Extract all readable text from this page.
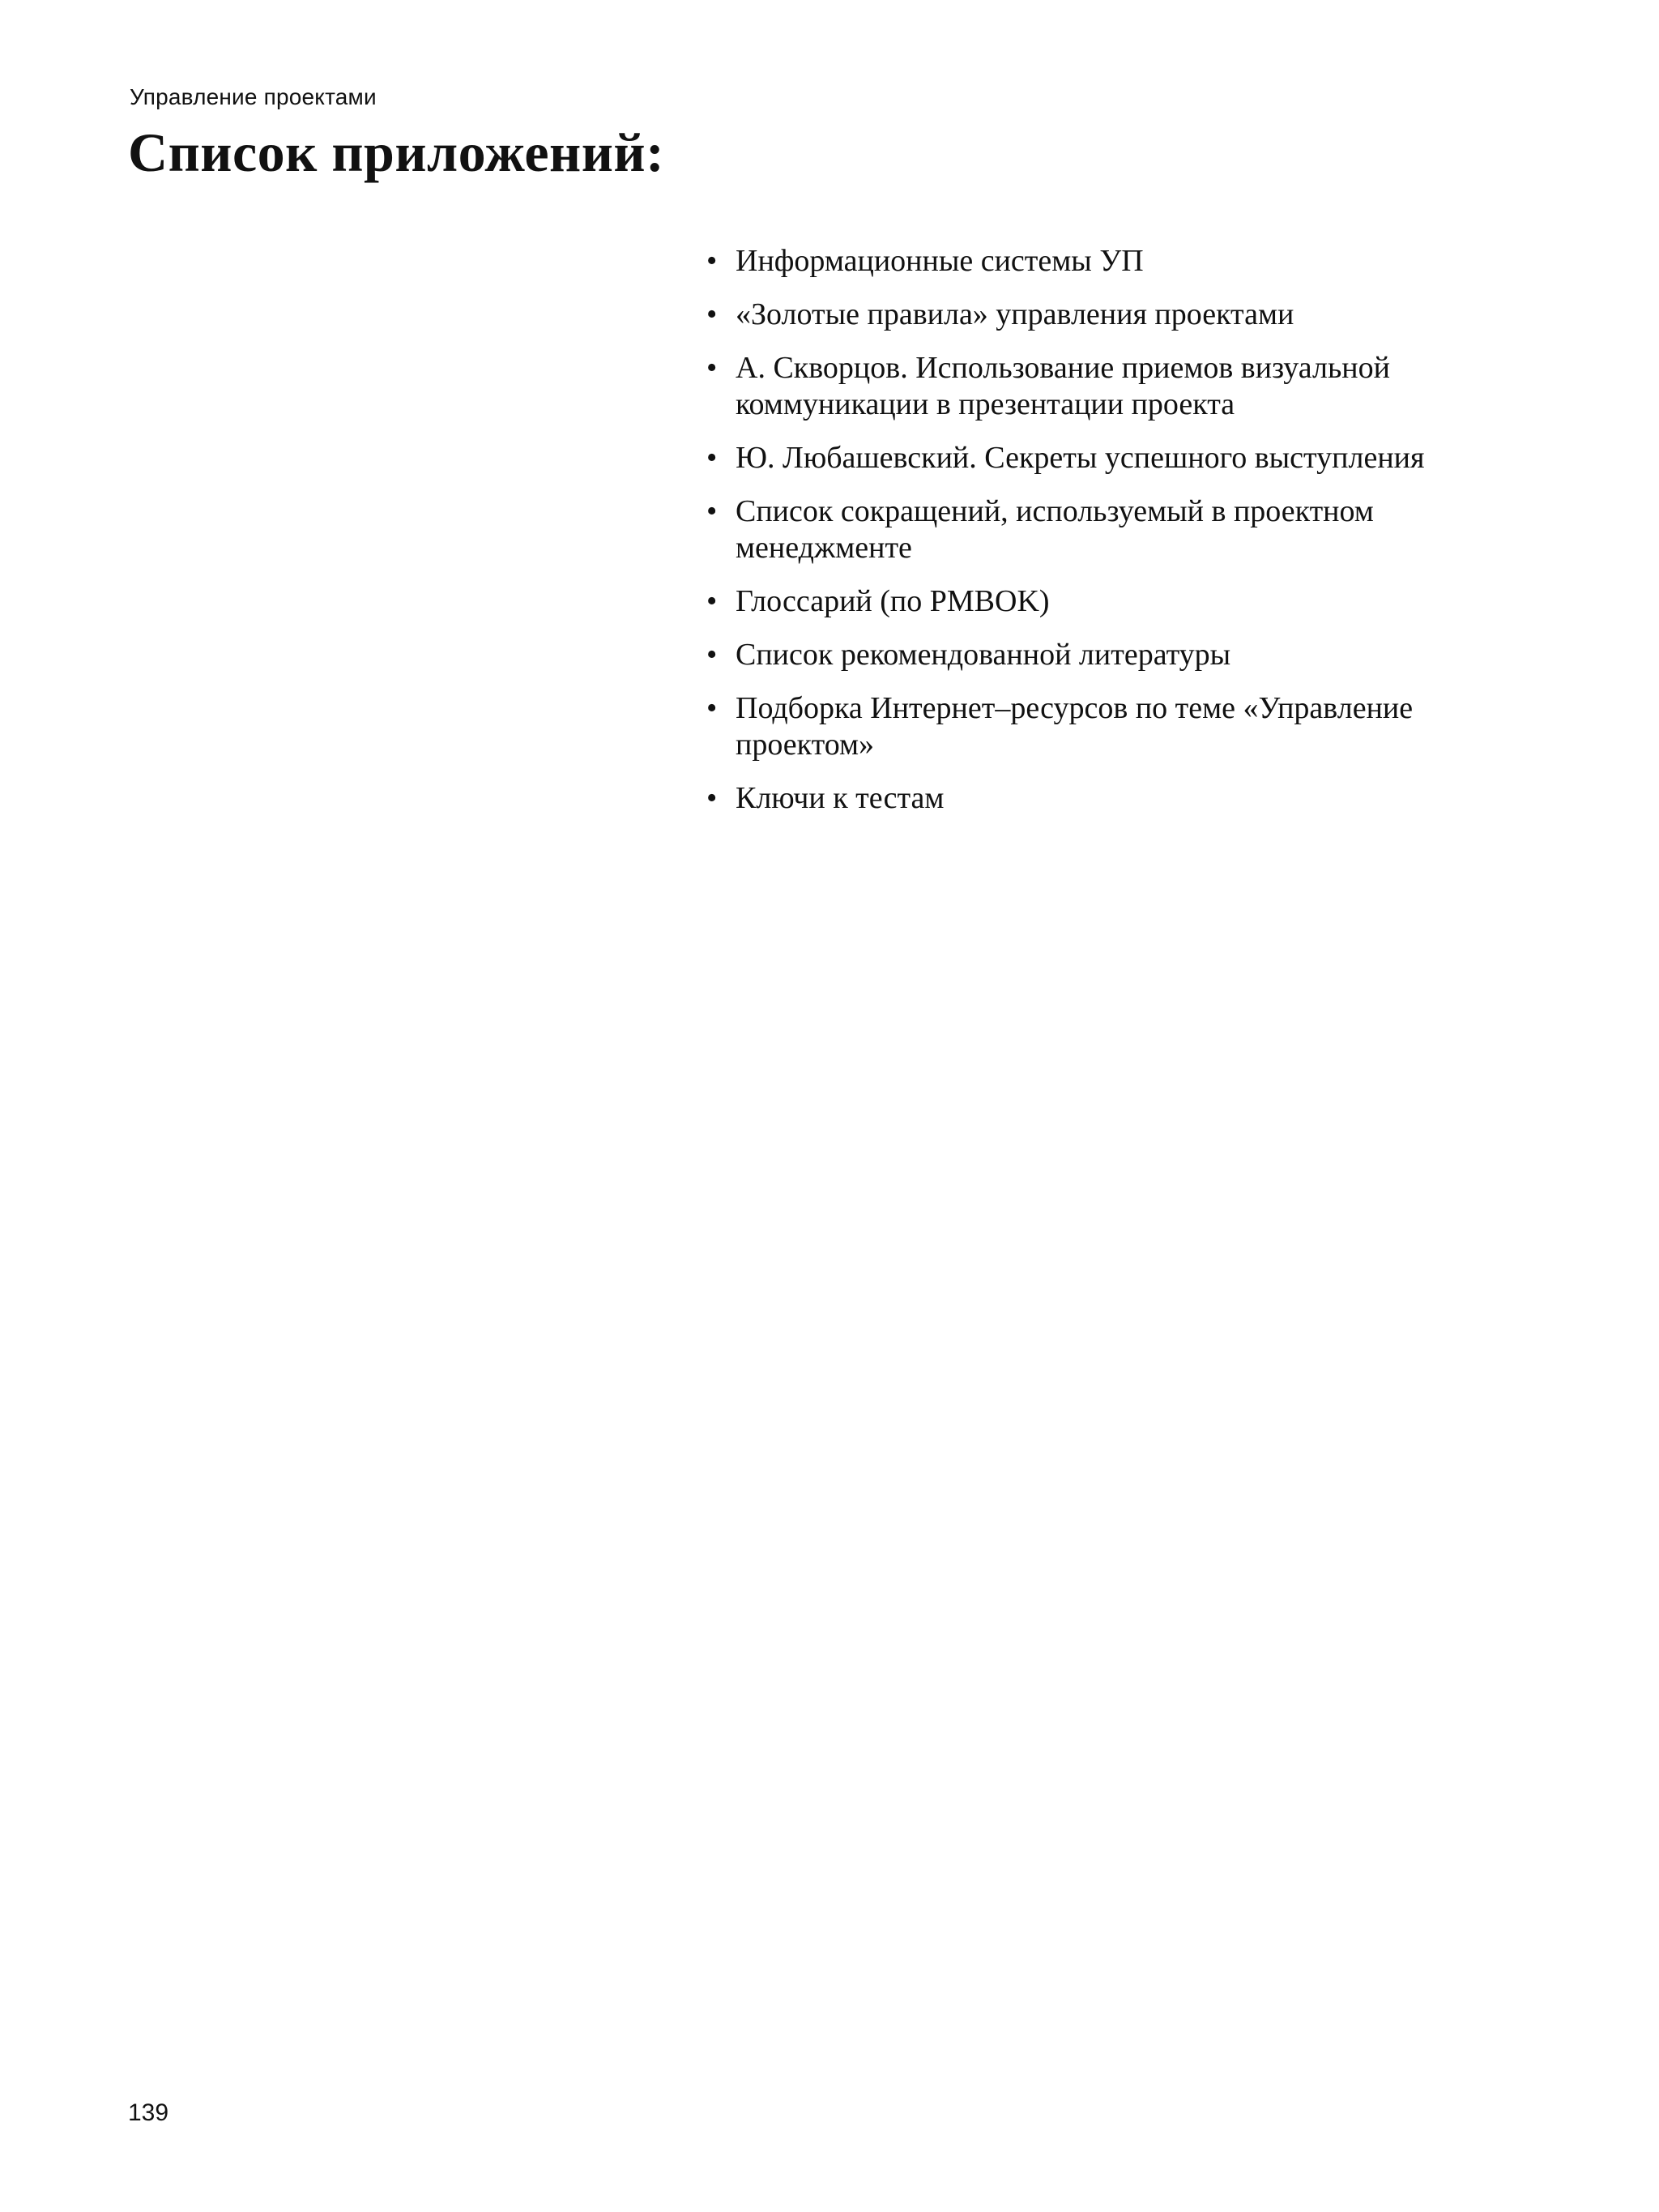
Управление проектами
Список приложений:
• Информационные системы УП
• «Золотые правила» управления проектами
• А. Скворцов. Использование приемов визуальной коммуникации в презентации проекта
• Ю. Любашевский. Секреты успешного выступления
• Список сокращений, используемый в проектном менеджменте
• Глоссарий (по PMBOK)
• Список рекомендованной литературы
• Подборка Интернет–ресурсов по теме «Управление проектом»
• Ключи к тестам
139
